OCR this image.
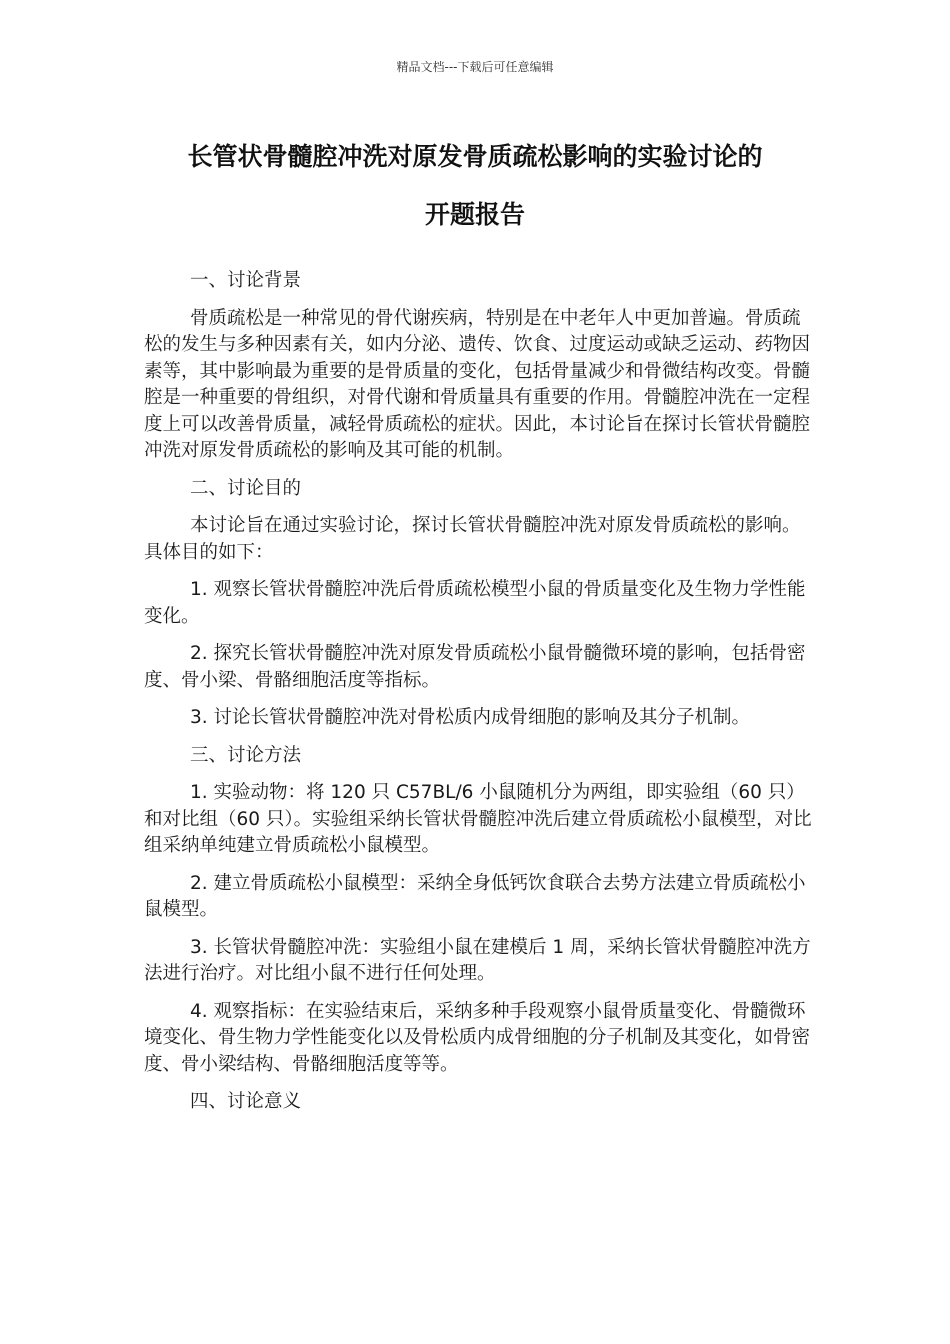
精品文档---下载后可任意编辑
长管状骨髓腔冲洗对原发骨质疏松影响的实验讨论的
开题报告

一、讨论背景

骨质疏松是一种常见的骨代谢疾病，特别是在中老年人中更加普遍。骨质疏松的发生与多种因素有关，如内分泌、遗传、饮食、过度运动或缺乏运动、药物因素等，其中影响最为重要的是骨质量的变化，包括骨量减少和骨微结构改变。骨髓腔是一种重要的骨组织，对骨代谢和骨质量具有重要的作用。骨髓腔冲洗在一定程度上可以改善骨质量，减轻骨质疏松的症状。因此，本讨论旨在探讨长管状骨髓腔冲洗对原发骨质疏松的影响及其可能的机制。

二、讨论目的

本讨论旨在通过实验讨论，探讨长管状骨髓腔冲洗对原发骨质疏松的影响。具体目的如下：

1. 观察长管状骨髓腔冲洗后骨质疏松模型小鼠的骨质量变化及生物力学性能变化。

2. 探究长管状骨髓腔冲洗对原发骨质疏松小鼠骨髓微环境的影响，包括骨密度、骨小梁、骨骼细胞活度等指标。

3. 讨论长管状骨髓腔冲洗对骨松质内成骨细胞的影响及其分子机制。

三、讨论方法

1. 实验动物：将 120 只 C57BL/6 小鼠随机分为两组，即实验组（60 只）和对比组（60 只）。实验组采纳长管状骨髓腔冲洗后建立骨质疏松小鼠模型，对比组采纳单纯建立骨质疏松小鼠模型。

2. 建立骨质疏松小鼠模型：采纳全身低钙饮食联合去势方法建立骨质疏松小鼠模型。

3. 长管状骨髓腔冲洗：实验组小鼠在建模后 1 周，采纳长管状骨髓腔冲洗方法进行治疗。对比组小鼠不进行任何处理。

4. 观察指标：在实验结束后，采纳多种手段观察小鼠骨质量变化、骨髓微环境变化、骨生物力学性能变化以及骨松质内成骨细胞的分子机制及其变化，如骨密度、骨小梁结构、骨骼细胞活度等等。

四、讨论意义
